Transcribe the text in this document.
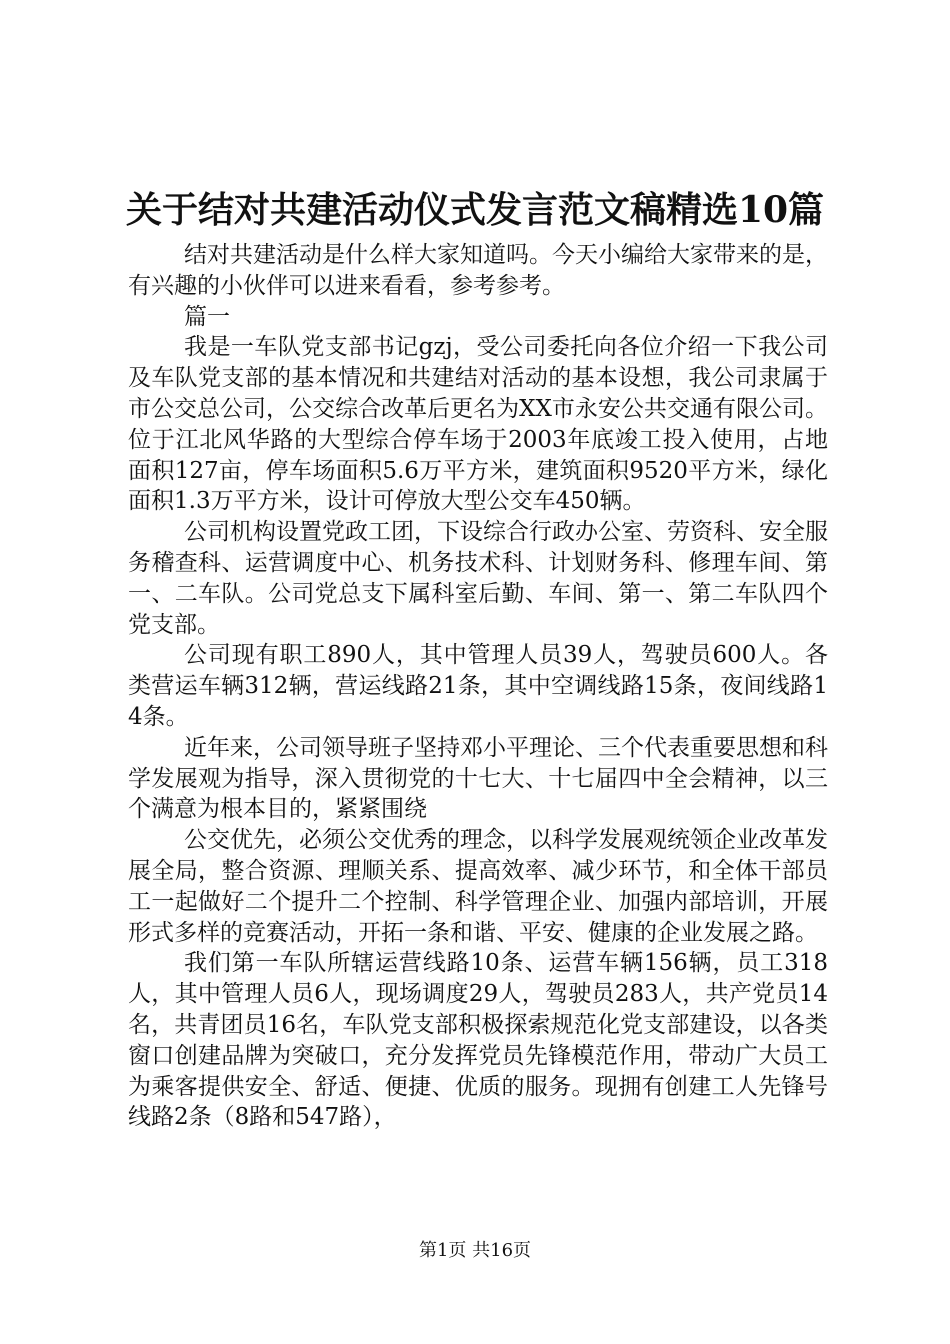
关于结对共建活动仪式发言范文稿精选10篇

结对共建活动是什么样大家知道吗。今天小编给大家带来的是，有兴趣的小伙伴可以进来看看，参考参考。

篇一

我是一车队党支部书记gzj，受公司委托向各位介绍一下我公司及车队党支部的基本情况和共建结对活动的基本设想，我公司隶属于市公交总公司，公交综合改革后更名为XX市永安公共交通有限公司。位于江北风华路的大型综合停车场于2003年底竣工投入使用，占地面积127亩，停车场面积5.6万平方米，建筑面积9520平方米，绿化面积1.3万平方米，设计可停放大型公交车450辆。

公司机构设置党政工团，下设综合行政办公室、劳资科、安全服务稽查科、运营调度中心、机务技术科、计划财务科、修理车间、第一、二车队。公司党总支下属科室后勤、车间、第一、第二车队四个党支部。

公司现有职工890人，其中管理人员39人，驾驶员600人。各类营运车辆312辆，营运线路21条，其中空调线路15条，夜间线路14条。

近年来，公司领导班子坚持邓小平理论、三个代表重要思想和科学发展观为指导，深入贯彻党的十七大、十七届四中全会精神，以三个满意为根本目的，紧紧围绕

公交优先，必须公交优秀的理念，以科学发展观统领企业改革发展全局，整合资源、理顺关系、提高效率、减少环节，和全体干部员工一起做好二个提升二个控制、科学管理企业、加强内部培训，开展形式多样的竞赛活动，开拓一条和谐、平安、健康的企业发展之路。

我们第一车队所辖运营线路10条、运营车辆156辆，员工318人，其中管理人员6人，现场调度29人，驾驶员283人，共产党员14名，共青团员16名，车队党支部积极探索规范化党支部建设，以各类窗口创建品牌为突破口，充分发挥党员先锋模范作用，带动广大员工为乘客提供安全、舒适、便捷、优质的服务。现拥有创建工人先锋号线路2条（8路和547路），

第1页 共16页
